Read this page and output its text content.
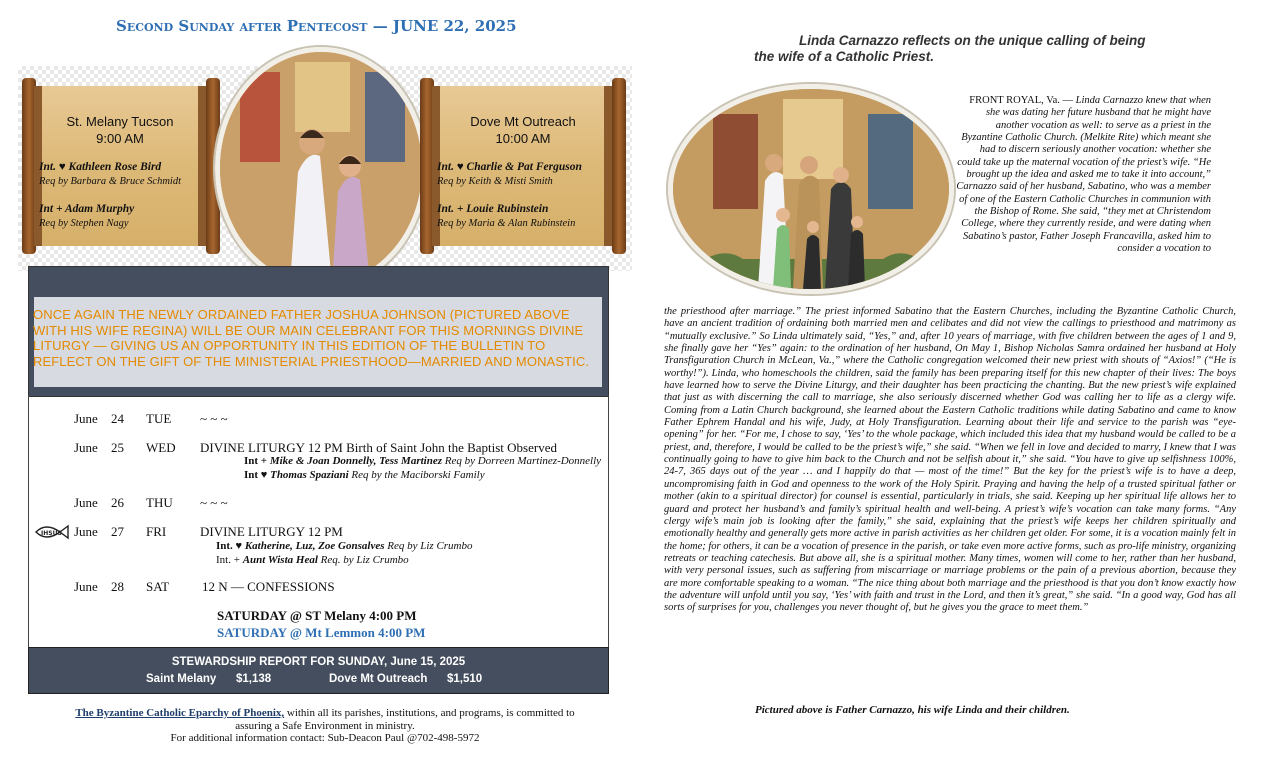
Second Sunday after Pentecost — JUNE 22, 2025
St. Melany Tucson
9:00 AM
Int. ♥ Kathleen Rose Bird
Req by Barbara & Bruce Schmidt
Int + Adam Murphy
Req by Stephen Nagy
Dove Mt Outreach
10:00 AM
Int. ♥ Charlie & Pat Ferguson
Req by Keith & Misti Smith
Int. + Louie Rubinstein
Req by Maria & Alan Rubinstein
ONCE AGAIN THE NEWLY ORDAINED FATHER JOSHUA JOHNSON (PICTURED ABOVE WITH HIS WIFE REGINA) WILL BE OUR MAIN CELEBRANT FOR THIS MORNINGS DIVINE LITURGY — GIVING US AN OPPORTUNITY IN THIS EDITION OF THE BULLETIN TO REFLECT ON THE GIFT OF THE MINISTERIAL PRIESTHOOD—MARRIED AND MONASTIC.
June 24 TUE ~ ~ ~
June 25 WED DIVINE LITURGY 12 PM Birth of Saint John the Baptist Observed
Int + Mike & Joan Donnelly, Tess Martinez Req by Dorreen Martinez-Donnelly
Int ♥ Thomas Spaziani Req by the Maciborski Family
June 26 THU ~ ~ ~
IHSUS June 27 FRI	DIVINE LITURGY 12 PM
Int. ♥ Katherine, Luz, Zoe Gonsalves Req by Liz Crumbo
Int. + Aunt Wista Heal Req. by Liz Crumbo
June 28 SAT	12 N — CONFESSIONS
SATURDAY @ ST Melany 4:00 PM
SATURDAY @ Mt Lemmon 4:00 PM
STEWARDSHIP REPORT FOR SUNDAY, June 15, 2025
Saint Melany $1,138	Dove Mt Outreach $1,510
The Byzantine Catholic Eparchy of Phoenix, within all its parishes, institutions, and programs, is committed to assuring a Safe Environment in ministry.
For additional information contact: Sub-Deacon Paul @702-498-5972
Linda Carnazzo reflects on the unique calling of being
the wife of a Catholic Priest.
FRONT ROYAL, Va. — Linda Carnazzo knew that when she was dating her future husband that he might have another vocation as well: to serve as a priest in the Byzantine Catholic Church. (Melkite Rite) which meant she had to discern seriously another vocation: whether she could take up the maternal vocation of the priest’s wife. “He brought up the idea and asked me to take it into account,” Carnazzo said of her husband, Sabatino, who was a member of one of the Eastern Catholic Churches in communion with the Bishop of Rome. She said, “they met at Christendom College, where they currently reside, and were dating when Sabatino’s pastor, Father Joseph Francavilla, asked him to consider a vocation to
the priesthood after marriage.” The priest informed Sabatino that the Eastern Churches, including the Byzantine Catholic Church, have an ancient tradition of ordaining both married men and celibates and did not view the callings to priesthood and matrimony as “mutually exclusive.” So Linda ultimately said, “Yes,” and, after 10 years of marriage, with five children between the ages of 1 and 9, she finally gave her “Yes” again: to the ordination of her husband, On May 1, Bishop Nicholas Samra ordained her husband at Holy Transfiguration Church in McLean, Va.,” where the Catholic congregation welcomed their new priest with shouts of “Axios!” (“He is worthy!”). Linda, who homeschools the children, said the family has been preparing itself for this new chapter of their lives: The boys have learned how to serve the Divine Liturgy, and their daughter has been practicing the chanting. But the new priest’s wife explained that just as with discerning the call to marriage, she also seriously discerned whether God was calling her to life as a clergy wife. Coming from a Latin Church background, she learned about the Eastern Catholic traditions while dating Sabatino and came to know Father Ephrem Handal and his wife, Judy, at Holy Transfiguration. Learning about their life and service to the parish was “eye-opening” for her. “For me, I chose to say, ‘Yes’ to the whole package, which included this idea that my husband would be called to be a priest, and, therefore, I would be called to be the priest’s wife,” she said. “When we fell in love and decided to marry, I knew that I was continually going to have to give him back to the Church and not be selfish about it,” she said. “You have to give up selfishness 100%, 24-7, 365 days out of the year … and I happily do that — most of the time!” But the key for the priest’s wife is to have a deep, uncompromising faith in God and openness to the work of the Holy Spirit. Praying and having the help of a trusted spiritual father or mother (akin to a spiritual director) for counsel is essential, particularly in trials, she said. Keeping up her spiritual life allows her to guard and protect her husband’s and family’s spiritual health and well-being. A priest’s wife’s vocation can take many forms. “Any clergy wife’s main job is looking after the family,” she said, explaining that the priest’s wife keeps her children spiritually and emotionally healthy and generally gets more active in parish activities as her children get older. For some, it is a vocation mainly felt in the home; for others, it can be a vocation of presence in the parish, or take even more active forms, such as pro-life ministry, organizing retreats or teaching catechesis. But above all, she is a spiritual mother. Many times, women will come to her, rather than her husband, with very personal issues, such as suffering from miscarriage or marriage problems or the pain of a previous abortion, because they are more comfortable speaking to a woman. “The nice thing about both marriage and the priesthood is that you don’t know exactly how the adventure will unfold until you say, ‘Yes’ with faith and trust in the Lord, and then it’s great,” she said. “In a good way, God has all sorts of surprises for you, challenges you never thought of, but he gives you the grace to meet them.”
Pictured above is Father Carnazzo, his wife Linda and their children.
